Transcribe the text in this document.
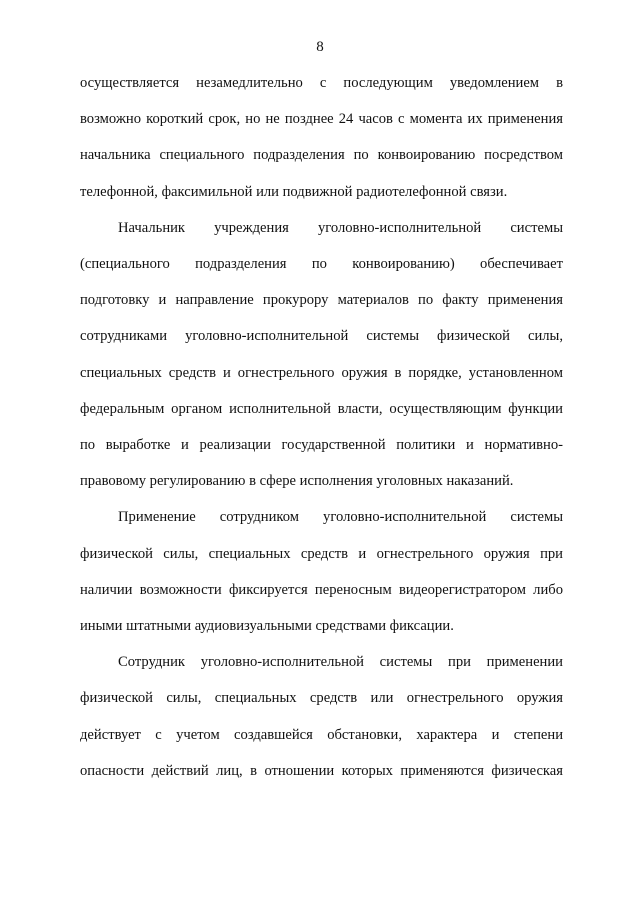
8
осуществляется незамедлительно с последующим уведомлением в
возможно короткий срок, но не позднее 24 часов с момента их применения
начальника специального подразделения по конвоированию посредством
телефонной, факсимильной или подвижной радиотелефонной связи.
Начальник учреждения уголовно-исполнительной системы
(специального подразделения по конвоированию) обеспечивает
подготовку и направление прокурору материалов по факту применения
сотрудниками уголовно-исполнительной системы физической силы,
специальных средств и огнестрельного оружия в порядке, установленном
федеральным органом исполнительной власти, осуществляющим функции
по выработке и реализации государственной политики и нормативно-
правовому регулированию в сфере исполнения уголовных наказаний.
Применение сотрудником уголовно-исполнительной системы
физической силы, специальных средств и огнестрельного оружия при
наличии возможности фиксируется переносным видеорегистратором либо
иными штатными аудиовизуальными средствами фиксации.
Сотрудник уголовно-исполнительной системы при применении
физической силы, специальных средств или огнестрельного оружия
действует с учетом создавшейся обстановки, характера и степени
опасности действий лиц, в отношении которых применяются физическая
